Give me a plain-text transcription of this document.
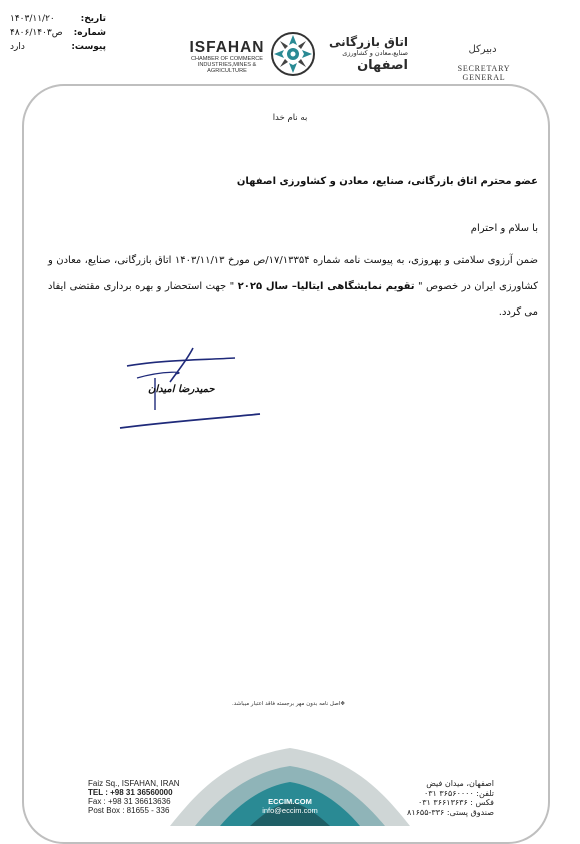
تاریخ:
۱۴۰۳/۱۱/۲۰
شماره:
۴۸۰۶/ص۱۴۰۳
پیوست:
دارد	ISFAHAN
CHAMBER OF COMMERCE
INDUSTRIES,MINES & AGRICULTURE
اتاق بازرگانی
صنایع،معادن و کشاورزی
اصفهان
دبیرکل
SECRETARY GENERAL
به نام خدا
عضو محترم اتاق بازرگانی، صنایع، معادن و کشاورزی اصفهان
با سلام و احترام
ضمن آرزوی سلامتی و بهروزی، به پیوست نامه شماره ۱۷/۱۳۳۵۴/ص مورخ ۱۴۰۳/۱۱/۱۳ اتاق بازرگانی، صنایع، معادن و کشاورزی ایران در خصوص " تقویم نمایشگاهی ایتالیا– سال ۲۰۲۵ " جهت استحضار و بهره برداری مقتضی ایفاد می گردد.
حمیدرضا امیدان
❖اصل نامه بدون مهر برجسته فاقد اعتبار میباشد.
ECCIM.COM
info@eccim.com
Faiz Sq., ISFAHAN, IRAN
TEL : +98 31 36560000
Fax : +98 31 36613636
Post Box : 81655 - 336
اصفهان، میدان فیض
تلفن: ۳۶۵۶۰۰۰۰ ۰۳۱
فکس : ۳۶۶۱۳۶۳۶ ۰۳۱
صندوق پستی: ۳۳۶-۸۱۶۵۵
